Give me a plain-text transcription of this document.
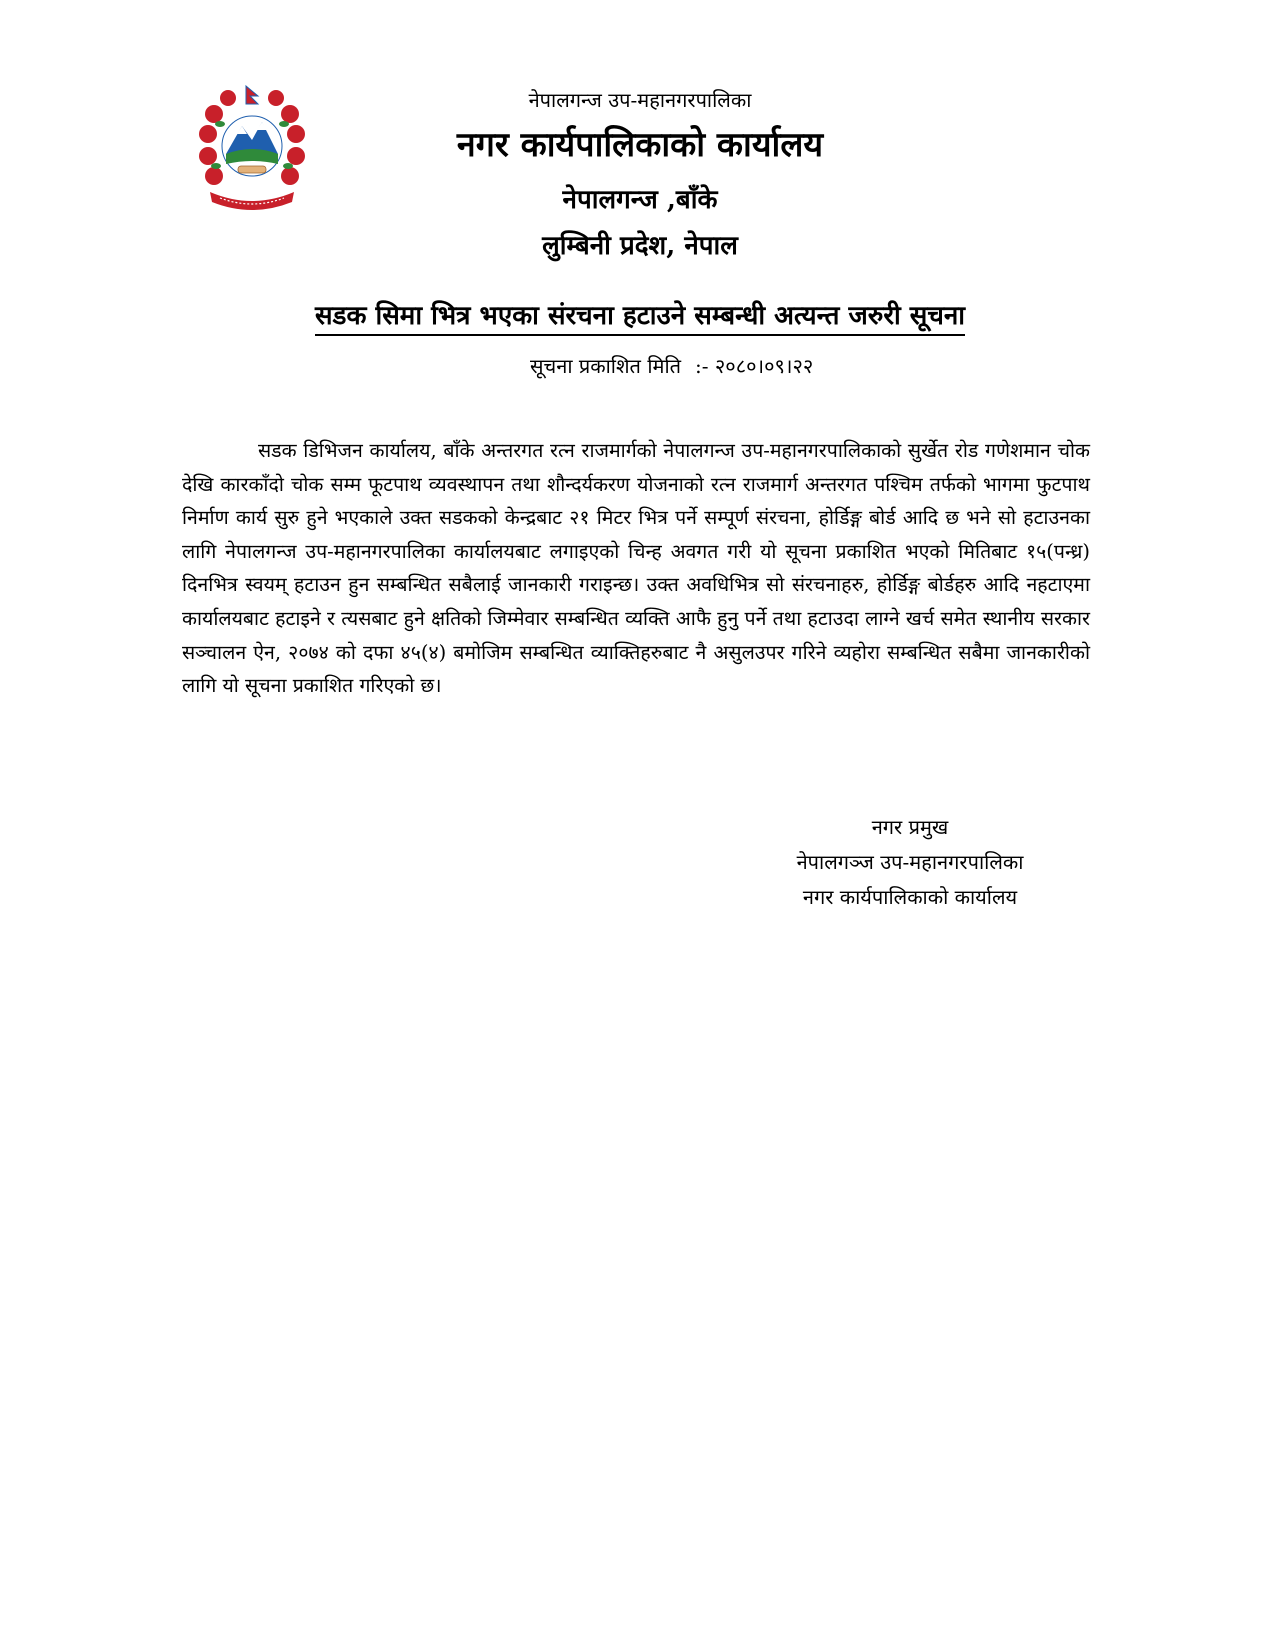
नेपालगन्ज उप-महानगरपालिका
नगर कार्यपालिकाको कार्यालय
नेपालगन्ज ,बाँके
लुम्बिनी प्रदेश, नेपाल
सडक सिमा भित्र भएका संरचना हटाउने सम्बन्धी अत्यन्त जरुरी सूचना
सूचना प्रकाशित मिति :- २०८०।०९।२२

सडक डिभिजन कार्यालय, बाँके अन्तरगत रत्न राजमार्गको नेपालगन्ज उप-महानगरपालिकाको सुर्खेत रोड गणेशमान चोक देखि कारकाँदो चोक सम्म फूटपाथ व्यवस्थापन तथा शौन्दर्यकरण योजनाको रत्न राजमार्ग अन्तरगत पश्चिम तर्फको भागमा फुटपाथ निर्माण कार्य सुरु हुने भएकाले उक्त सडकको केन्द्रबाट २१ मिटर भित्र पर्ने सम्पूर्ण संरचना, होर्डिङ्ग बोर्ड आदि छ भने सो हटाउनका लागि नेपालगन्ज उप-महानगरपालिका कार्यालयबाट लगाइएको चिन्ह अवगत गरी यो सूचना प्रकाशित भएको मितिबाट १५(पन्ध्र) दिनभित्र स्वयम् हटाउन हुन सम्बन्धित सबैलाई जानकारी गराइन्छ। उक्त अवधिभित्र सो संरचनाहरु, होर्डिङ्ग बोर्डहरु आदि नहटाएमा कार्यालयबाट हटाइने र त्यसबाट हुने क्षतिको जिम्मेवार सम्बन्धित व्यक्ति आफै हुनु पर्ने तथा हटाउदा लाग्ने खर्च समेत स्थानीय सरकार सञ्चालन ऐन, २०७४ को दफा ४५(४) बमोजिम सम्बन्धित व्याक्तिहरुबाट नै असुलउपर गरिने व्यहोरा सम्बन्धित सबैमा जानकारीको लागि यो सूचना प्रकाशित गरिएको छ।

नगर प्रमुख
नेपालगञ्ज उप-महानगरपालिका
नगर कार्यपालिकाको कार्यालय
